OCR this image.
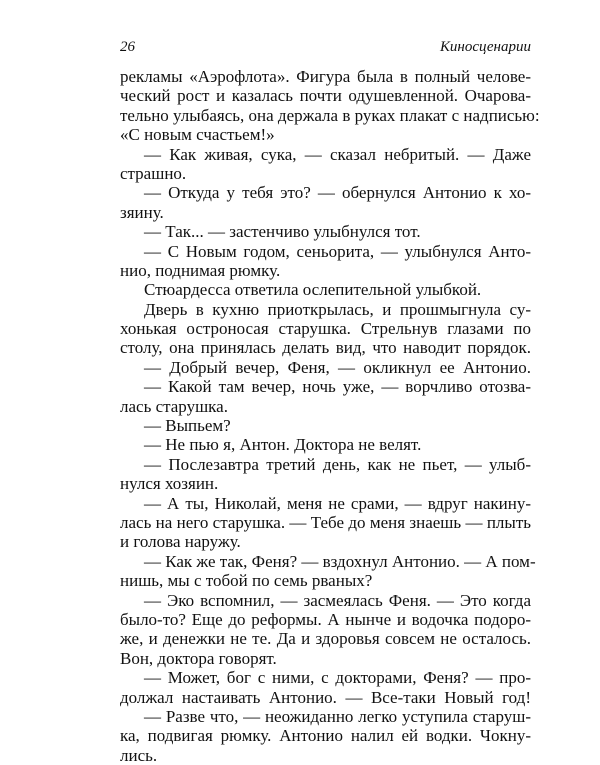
26	Киносценарии
рекламы «Аэрофлота». Фигура была в полный челове-
ческий рост и казалась почти одушевленной. Очарова-
тельно улыбаясь, она держала в руках плакат с надписью:
«С новым счастьем!»
— Как живая, сука, — сказал небритый. — Даже
страшно.
— Откуда у тебя это? — обернулся Антонио к хо-
зяину.
— Так... — застенчиво улыбнулся тот.
— С Новым годом, сеньорита, — улыбнулся Анто-
нио, поднимая рюмку.
Стюардесса ответила ослепительной улыбкой.
Дверь в кухню приоткрылась, и прошмыгнула су-
хонькая остроносая старушка. Стрельнув глазами по
столу, она принялась делать вид, что наводит порядок.
— Добрый вечер, Феня, — окликнул ее Антонио.
— Какой там вечер, ночь уже, — ворчливо отозва-
лась старушка.
— Выпьем?
— Не пью я, Антон. Доктора не велят.
— Послезавтра третий день, как не пьет, — улыб-
нулся хозяин.
— А ты, Николай, меня не срами, — вдруг накину-
лась на него старушка. — Тебе до меня знаешь — плыть
и голова наружу.
— Как же так, Феня? — вздохнул Антонио. — А пом-
нишь, мы с тобой по семь рваных?
— Эко вспомнил, — засмеялась Феня. — Это когда
было-то? Еще до реформы. А нынче и водочка подоро-
же, и денежки не те. Да и здоровья совсем не осталось.
Вон, доктора говорят.
— Может, бог с ними, с докторами, Феня? — про-
должал настаивать Антонио. — Все-таки Новый год!
— Разве что, — неожиданно легко уступила старуш-
ка, подвигая рюмку. Антонио налил ей водки. Чокну-
лись.
